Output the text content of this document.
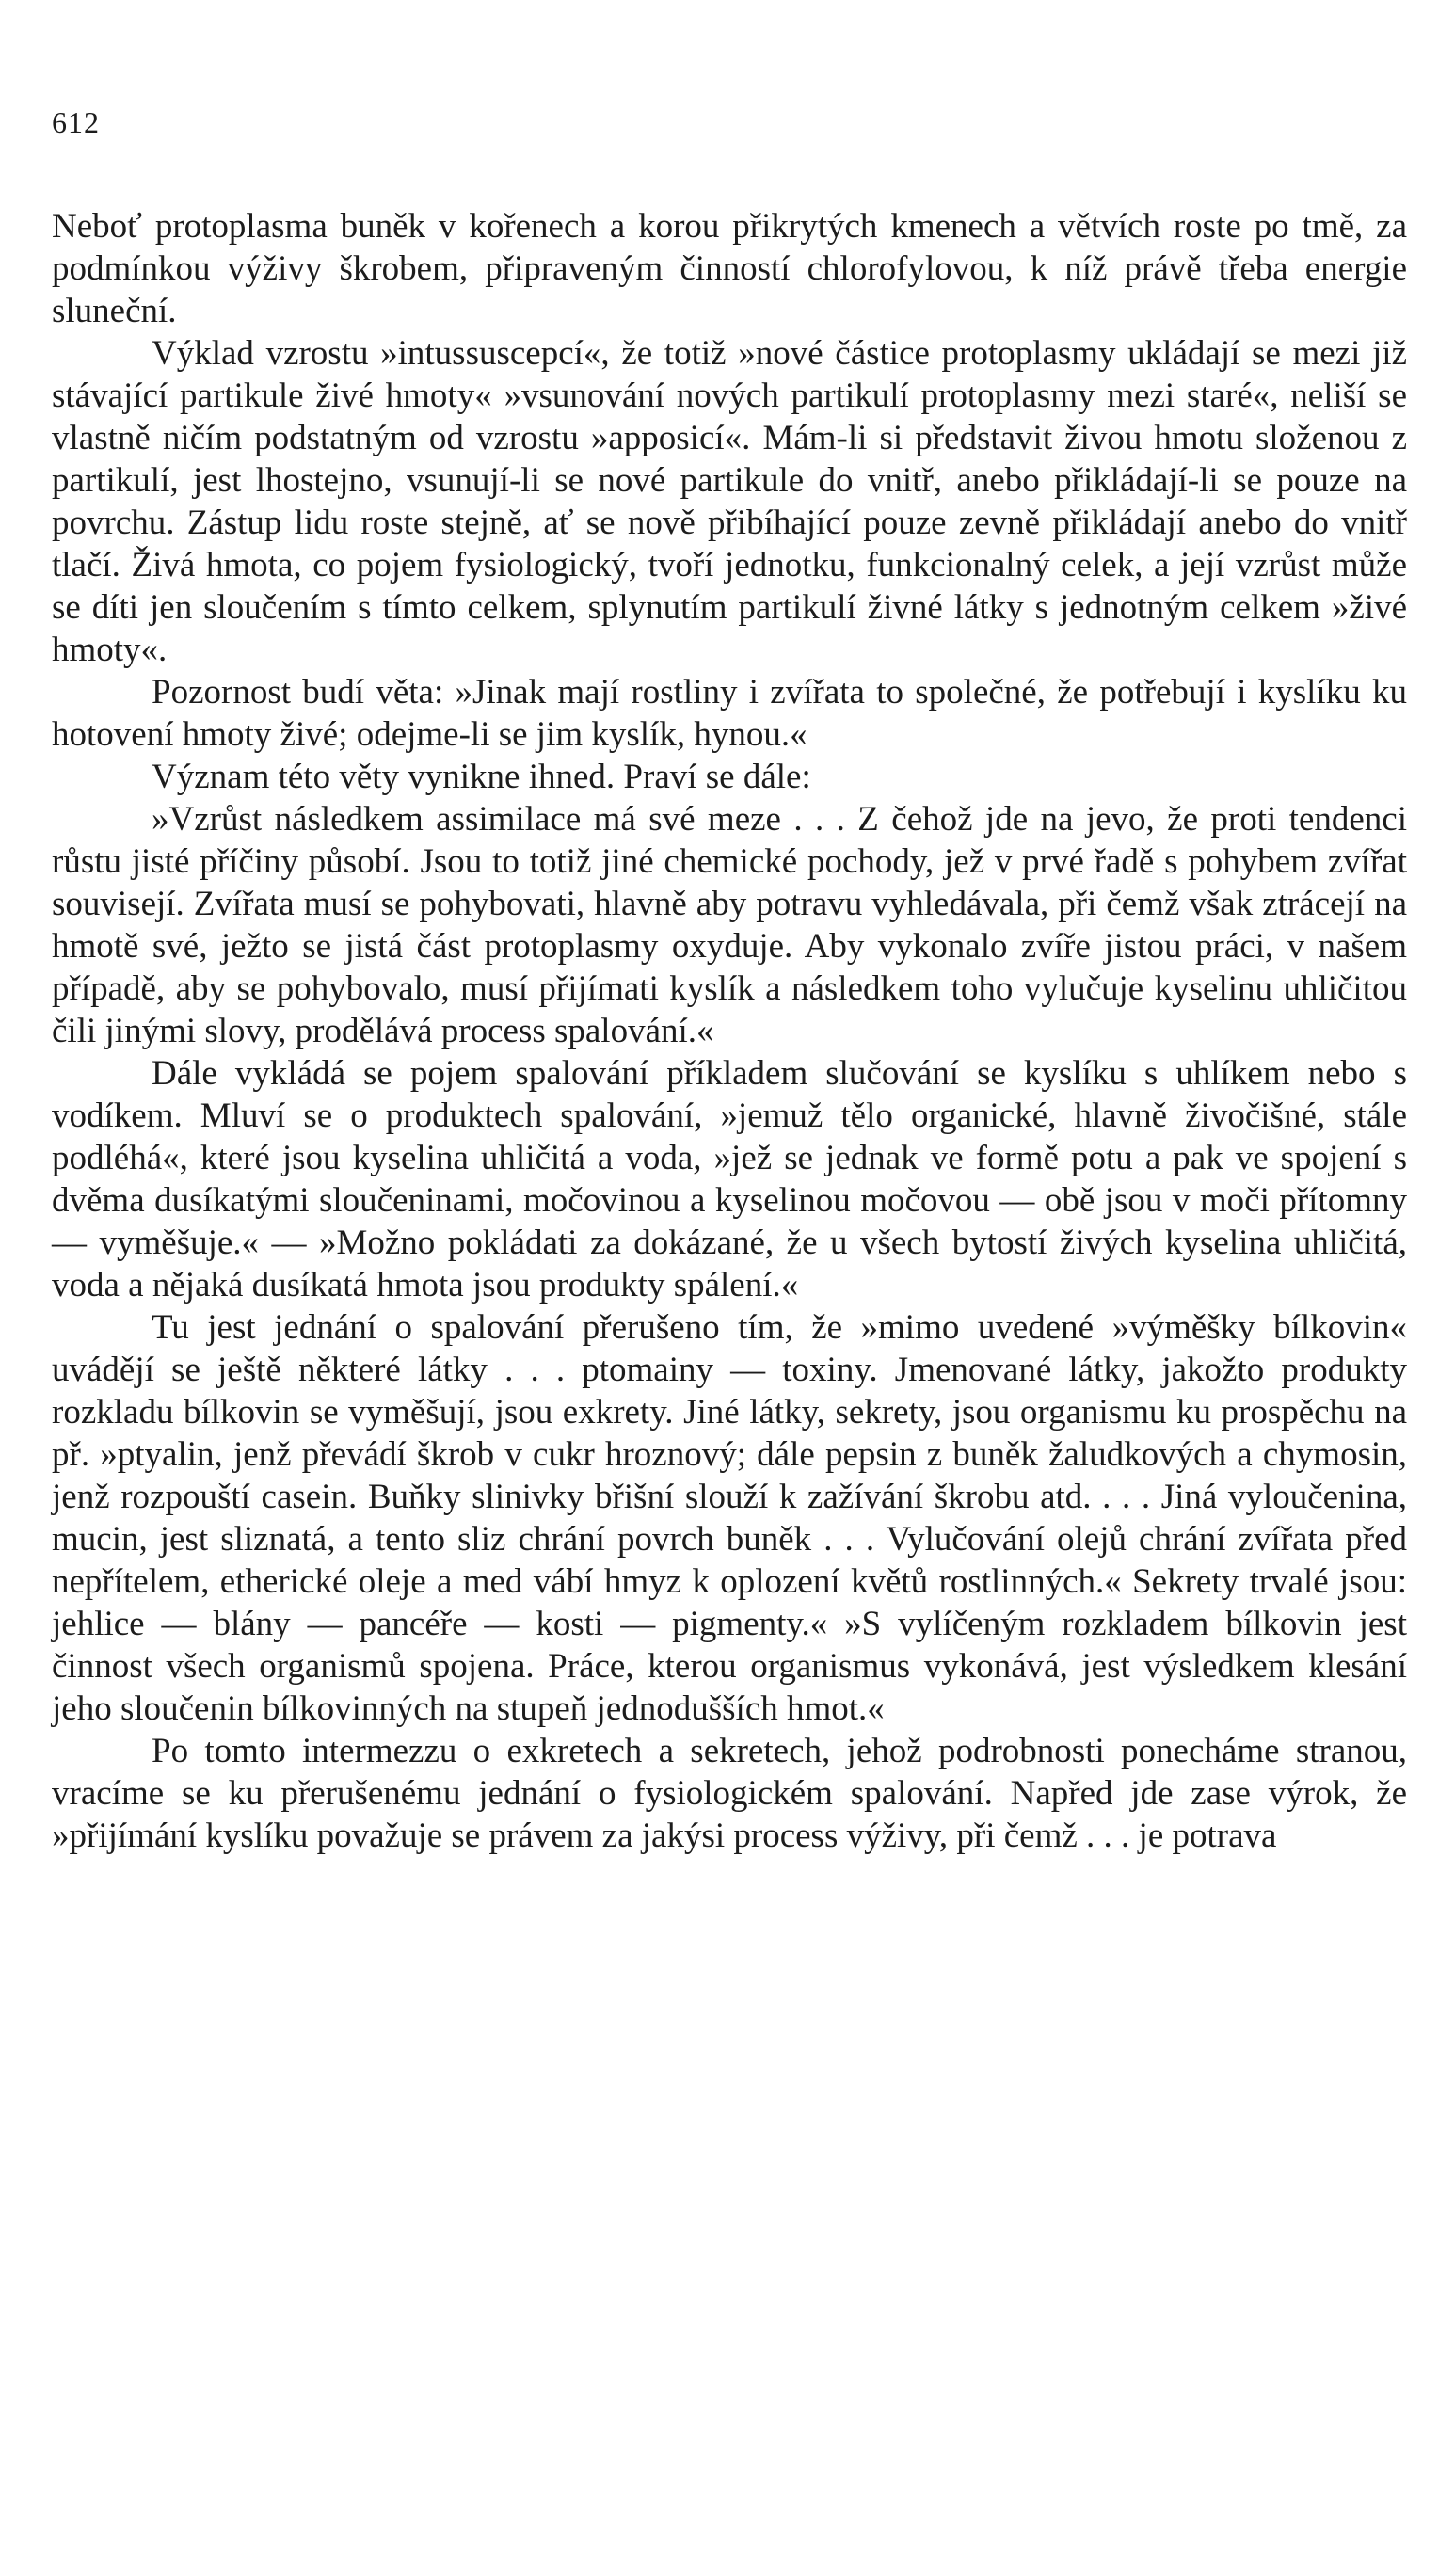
612

Neboť protoplasma buněk v kořenech a korou přikrytých kmenech a větvích roste po tmě, za podmínkou výživy škrobem, připraveným činností chlorofylovou, k níž právě třeba energie sluneční.

Výklad vzrostu »intussuscepcí«, že totiž »nové částice protoplasmy ukládají se mezi již stávající partikule živé hmoty« »vsunování nových partikulí protoplasmy mezi staré«, neliší se vlastně ničím podstatným od vzrostu »apposicí«. Mám-li si představit živou hmotu složenou z partikulí, jest lhostejno, vsunují-li se nové partikule do vnitř, anebo přikládají-li se pouze na povrchu. Zástup lidu roste stejně, ať se nově přibíhající pouze zevně přikládají anebo do vnitř tlačí. Živá hmota, co pojem fysiologický, tvoří jednotku, funkcionalný celek, a její vzrůst může se díti jen sloučením s tímto celkem, splynutím partikulí živné látky s jednotným celkem »živé hmoty«.

Pozornost budí věta: »Jinak mají rostliny i zvířata to společné, že potřebují i kyslíku ku hotovení hmoty živé; odejme-li se jim kyslík, hynou.«

Význam této věty vynikne ihned. Praví se dále:

»Vzrůst následkem assimilace má své meze . . . Z čehož jde na jevo, že proti tendenci růstu jisté příčiny působí. Jsou to totiž jiné chemické pochody, jež v prvé řadě s pohybem zvířat souvisejí. Zvířata musí se pohybovati, hlavně aby potravu vyhledávala, při čemž však ztrácejí na hmotě své, ježto se jistá část protoplasmy oxyduje. Aby vykonalo zvíře jistou práci, v našem případě, aby se pohybovalo, musí přijímati kyslík a následkem toho vylučuje kyselinu uhličitou čili jinými slovy, prodělává process spalování.«

Dále vykládá se pojem spalování příkladem slučování se kyslíku s uhlíkem nebo s vodíkem. Mluví se o produktech spalování, »jemuž tělo organické, hlavně živočišné, stále podléhá«, které jsou kyselina uhličitá a voda, »jež se jednak ve formě potu a pak ve spojení s dvěma dusíkatými sloučeninami, močovinou a kyselinou močovou — obě jsou v moči přítomny — vyměšuje.« — »Možno pokládati za dokázané, že u všech bytostí živých kyselina uhličitá, voda a nějaká dusíkatá hmota jsou produkty spálení.«

Tu jest jednání o spalování přerušeno tím, že »mimo uvedené »výměšky bílkovin« uvádějí se ještě některé látky . . . ptomainy — toxiny. Jmenované látky, jakožto produkty rozkladu bílkovin se vyměšují, jsou exkrety. Jiné látky, sekrety, jsou organismu ku prospěchu na př. »ptyalin, jenž převádí škrob v cukr hroznový; dále pepsin z buněk žaludkových a chymosin, jenž rozpouští casein. Buňky slinivky břišní slouží k zažívání škrobu atd. . . . Jiná vyloučenina, mucin, jest sliznatá, a tento sliz chrání povrch buněk . . . Vylučování olejů chrání zvířata před nepřítelem, etherické oleje a med vábí hmyz k oplození květů rostlinných.« Sekrety trvalé jsou: jehlice — blány — pancéře — kosti — pigmenty.« »S vylíčeným rozkladem bílkovin jest činnost všech organismů spojena. Práce, kterou organismus vykonává, jest výsledkem klesání jeho sloučenin bílkovinných na stupeň jednodušších hmot.«

Po tomto intermezzu o exkretech a sekretech, jehož podrobnosti ponecháme stranou, vracíme se ku přerušenému jednání o fysiologickém spalování. Napřed jde zase výrok, že »přijímání kyslíku považuje se právem za jakýsi process výživy, při čemž . . . je potrava
